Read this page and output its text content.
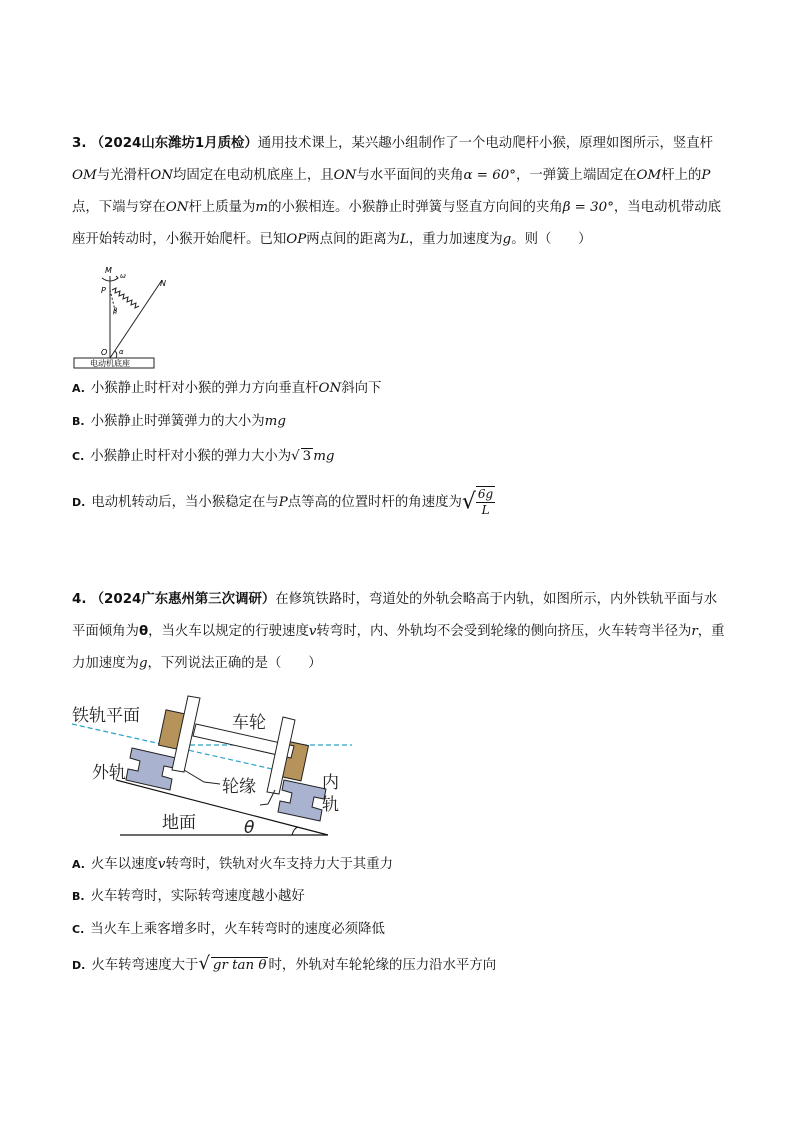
3. （2024山东潍坊1月质检）通用技术课上，某兴趣小组制作了一个电动爬杆小猴，原理如图所示，竖直杆OM与光滑杆ON均固定在电动机底座上，且ON与水平面间的夹角α = 60°，一弹簧上端固定在OM杆上的P点，下端与穿在ON杆上质量为m的小猴相连。小猴静止时弹簧与竖直方向间的夹角β = 30°，当电动机带动底座开始转动时，小猴开始爬杆。已知OP两点间的距离为L，重力加速度为g。则（　　）
M
ω
P
N
β
O α
电动机底座
A. 小猴静止时杆对小猴的弹力方向垂直杆ON斜向下
B. 小猴静止时弹簧弹力的大小为mg
C. 小猴静止时杆对小猴的弹力大小为√ 3 mg
D. 电动机转动后，当小猴稳定在与P点等高的位置时杆的角速度为√ $\frac{6g}{L}$
4. （2024广东惠州第三次调研）在修筑铁路时，弯道处的外轨会略高于内轨，如图所示，内外铁轨平面与水平面倾角为θ，当火车以规定的行驶速度v转弯时，内、外轨均不会受到轮缘的侧向挤压，火车转弯半径为r，重力加速度为g，下列说法正确的是（　　）
铁轨平面	车轮
外轨
轮缘	内
轨
地面	θ
A. 火车以速度v转弯时，铁轨对火车支持力大于其重力
B. 火车转弯时，实际转弯速度越小越好
C. 当火车上乘客增多时，火车转弯时的速度必须降低
D. 火车转弯速度大于√ gr tan θ 时，外轨对车轮轮缘的压力沿水平方向
